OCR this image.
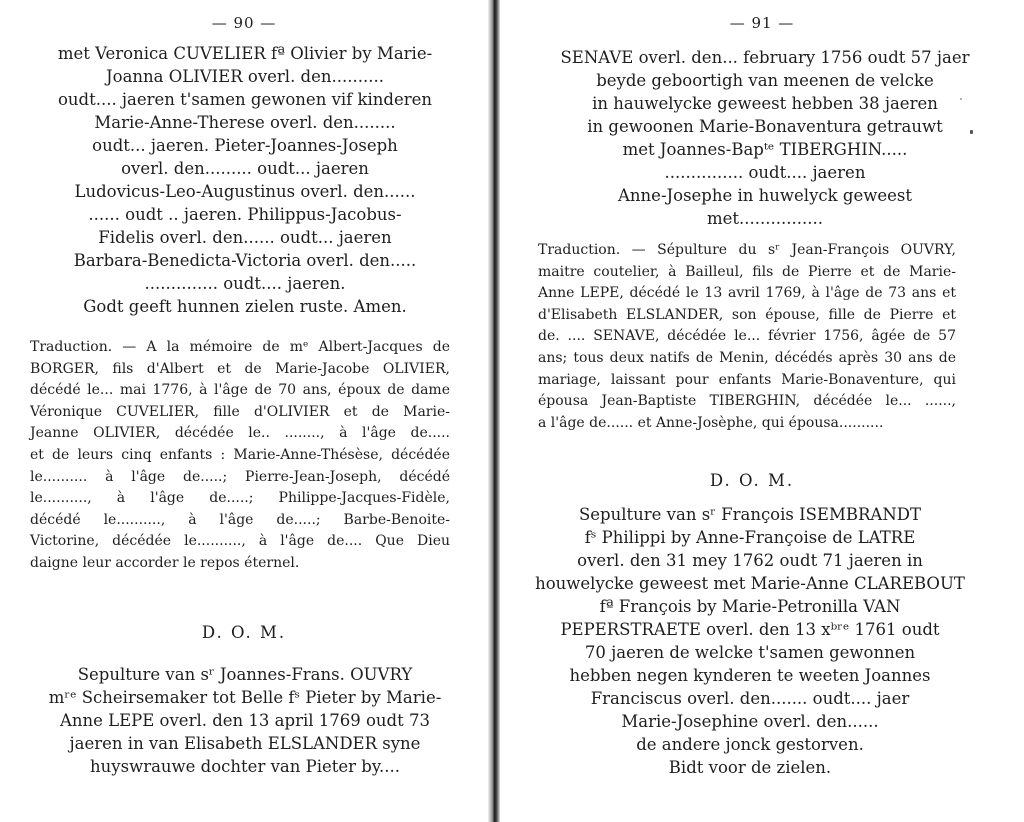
— 90 —
met Veronica CUVELIER fª Olivier by Marie-
Joanna OLIVIER overl. den..........
oudt.... jaeren t'samen gewonen vif kinderen
Marie-Anne-Therese overl. den........
oudt... jaeren. Pieter-Joannes-Joseph
overl. den......... oudt... jaeren
Ludovicus-Leo-Augustinus overl. den......
...... oudt .. jaeren. Philippus-Jacobus-
Fidelis overl. den...... oudt... jaeren
Barbara-Benedicta-Victoria overl. den.....
.............. oudt.... jaeren.
Godt geeft hunnen zielen ruste. Amen.
Traduction. — A la mémoire de mᵉ Albert-Jacques de
BORGER, fils d'Albert et de Marie-Jacobe OLIVIER,
décédé le... mai 1776, à l'âge de 70 ans, époux de dame
Véronique CUVELIER, fille d'OLIVIER et de Marie-
Jeanne OLIVIER, décédée le.. ........, à l'âge de.....
et de leurs cinq enfants : Marie-Anne-Thésèse, décédée
le.......... à l'âge de.....; Pierre-Jean-Joseph, décédé
le.........., à l'âge de.....; Philippe-Jacques-Fidèle,
décédé le.........., à l'âge de.....; Barbe-Benoite-
Victorine, décédée le.........., à l'âge de.... Que Dieu
daigne leur accorder le repos éternel.
D. O. M.
Sepulture van sʳ Joannes-Frans. OUVRY
mʳᵉ Scheirsemaker tot Belle fˢ Pieter by Marie-
Anne LEPE overl. den 13 april 1769 oudt 73
jaeren in van Elisabeth ELSLANDER syne
huyswrauwe dochter van Pieter by....
— 91 —
SENAVE overl. den... february 1756 oudt 57 jaer
beyde geboortigh van meenen de velcke
in hauwelycke geweest hebben 38 jaeren
in gewoonen Marie-Bonaventura getrauwt
met Joannes-Bapᵗᵉ TIBERGHIN.....
............... oudt.... jaeren
Anne-Josephe in huwelyck geweest
met................
Traduction. — Sépulture du sʳ Jean-François OUVRY,
maitre coutelier, à Bailleul, fils de Pierre et de Marie-
Anne LEPE, décédé le 13 avril 1769, à l'âge de 73 ans et
d'Elisabeth ELSLANDER, son épouse, fille de Pierre et
de. .... SENAVE, décédée le... février 1756, âgée de 57
ans; tous deux natifs de Menin, décédés après 30 ans de
mariage, laissant pour enfants Marie-Bonaventure, qui
épousa Jean-Baptiste TIBERGHIN, décédée le... ......,
a l'âge de...... et Anne-Josèphe, qui épousa..........
D. O. M.
Sepulture van sʳ François ISEMBRANDT
fˢ Philippi by Anne-Françoise de LATRE
overl. den 31 mey 1762 oudt 71 jaeren in
houwelycke geweest met Marie-Anne CLAREBOUT
fª François by Marie-Petronilla VAN
PEPERSTRAETE overl. den 13 xᵇʳᵉ 1761 oudt
70 jaeren de welcke t'samen gewonnen
hebben negen kynderen te weeten Joannes
Franciscus overl. den....... oudt.... jaer
Marie-Josephine overl. den......
de andere jonck gestorven.
Bidt voor de zielen.
